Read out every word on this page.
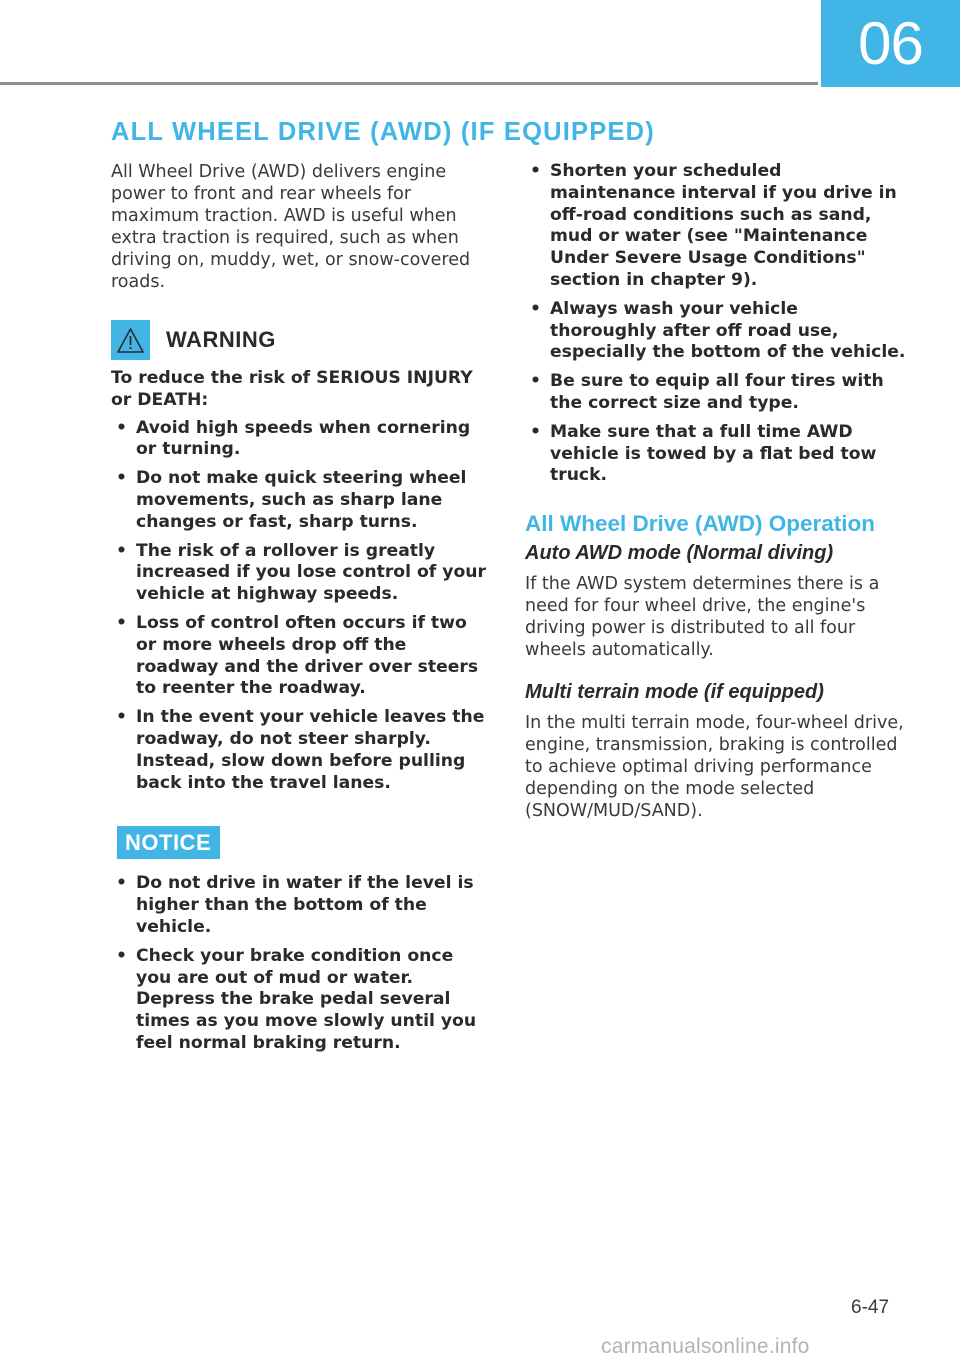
06
ALL WHEEL DRIVE (AWD) (IF EQUIPPED)

All Wheel Drive (AWD) delivers engine power to front and rear wheels for maximum traction. AWD is useful when extra traction is required, such as when driving on, muddy, wet, or snow-covered roads.

WARNING

To reduce the risk of SERIOUS INJURY or DEATH:

• Avoid high speeds when cornering or turning.
• Do not make quick steering wheel movements, such as sharp lane changes or fast, sharp turns.
• The risk of a rollover is greatly increased if you lose control of your vehicle at highway speeds.
• Loss of control often occurs if two or more wheels drop off the roadway and the driver over steers to reenter the roadway.
• In the event your vehicle leaves the roadway, do not steer sharply. Instead, slow down before pulling back into the travel lanes.
NOTICE
• Do not drive in water if the level is higher than the bottom of the vehicle.
• Check your brake condition once you are out of mud or water. Depress the brake pedal several times as you move slowly until you feel normal braking return.
• Shorten your scheduled maintenance interval if you drive in off-road conditions such as sand, mud or water (see "Maintenance Under Severe Usage Conditions" section in chapter 9).
• Always wash your vehicle thoroughly after off road use, especially the bottom of the vehicle.
• Be sure to equip all four tires with the correct size and type.
• Make sure that a full time AWD vehicle is towed by a flat bed tow truck.
All Wheel Drive (AWD) Operation
Auto AWD mode (Normal diving)

If the AWD system determines there is a need for four wheel drive, the engine's driving power is distributed to all four wheels automatically.

Multi terrain mode (if equipped)

In the multi terrain mode, four-wheel drive, engine, transmission, braking is controlled to achieve optimal driving performance depending on the mode selected (SNOW/MUD/SAND).

6-47
carmanualsonline.info
